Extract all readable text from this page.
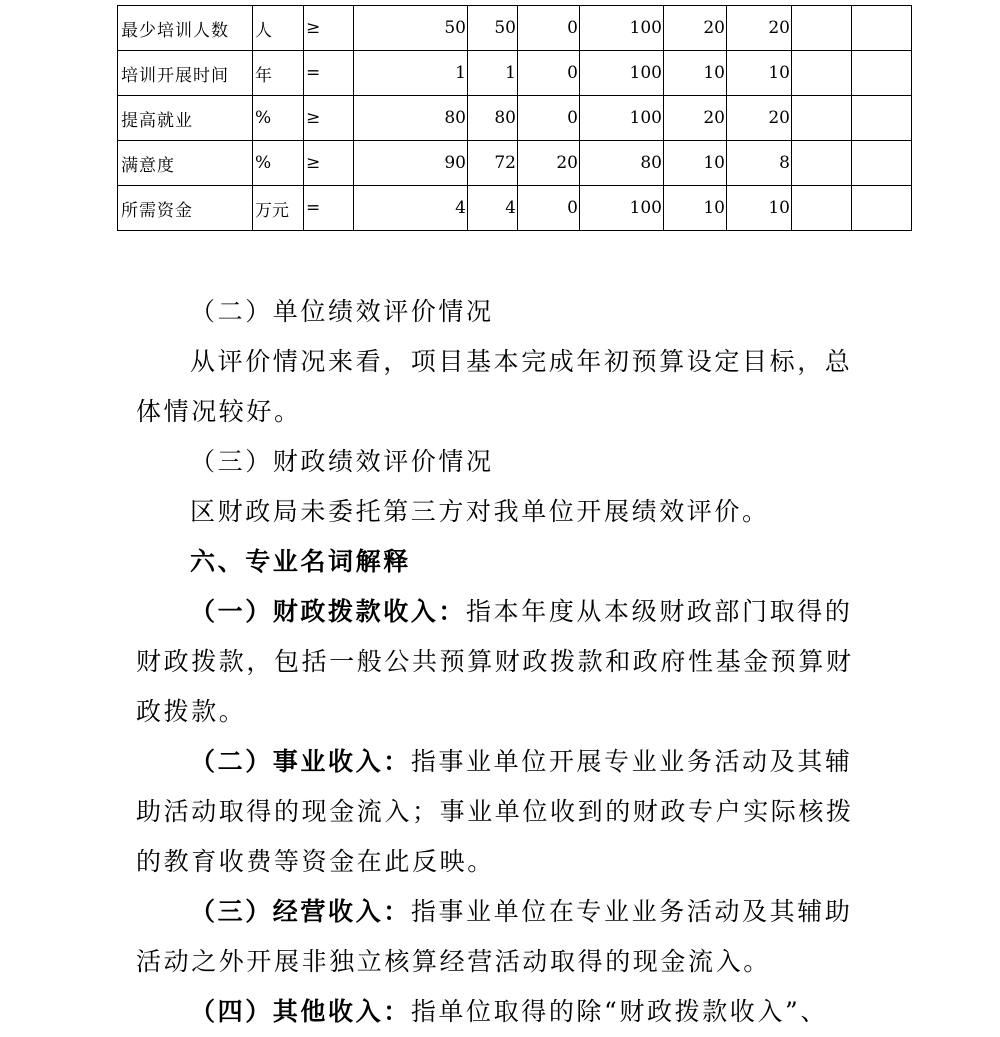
最少培训人数	人	≥	50	50	0	100	20	20		
培训开展时间	年	=	1	1	0	100	10	10		
提高就业	%	≥	80	80	0	100	20	20		
满意度	%	≥	90	72	20	80	10	8		
所需资金	万元	=	4	4	0	100	10	10		

（二）单位绩效评价情况

从评价情况来看，项目基本完成年初预算设定目标，总体情况较好。

（三）财政绩效评价情况

区财政局未委托第三方对我单位开展绩效评价。

六、专业名词解释

（一）财政拨款收入：指本年度从本级财政部门取得的财政拨款，包括一般公共预算财政拨款和政府性基金预算财政拨款。

（二）事业收入：指事业单位开展专业业务活动及其辅助活动取得的现金流入；事业单位收到的财政专户实际核拨的教育收费等资金在此反映。

（三）经营收入：指事业单位在专业业务活动及其辅助活动之外开展非独立核算经营活动取得的现金流入。

（四）其他收入：指单位取得的除“财政拨款收入”、
